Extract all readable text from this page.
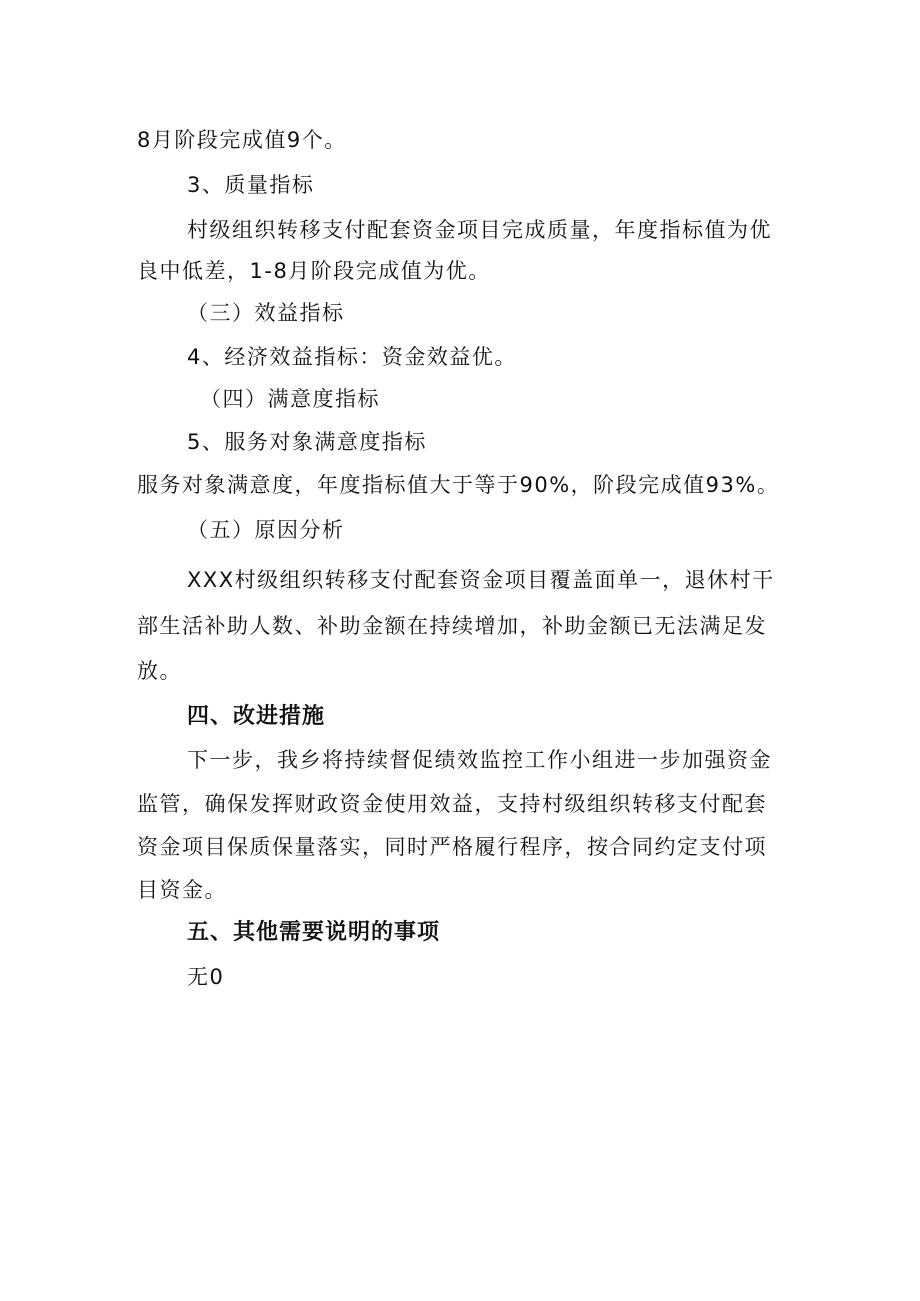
8月阶段完成值9个。
3、质量指标
村级组织转移支付配套资金项目完成质量，年度指标值为优
良中低差，1-8月阶段完成值为优。
（三）效益指标
4、经济效益指标：资金效益优。
（四）满意度指标
5、服务对象满意度指标
服务对象满意度，年度指标值大于等于90%，阶段完成值93%。
（五）原因分析
XXX村级组织转移支付配套资金项目覆盖面单一，退休村干
部生活补助人数、补助金额在持续增加，补助金额已无法满足发
放。
四、改进措施
下一步，我乡将持续督促绩效监控工作小组进一步加强资金
监管，确保发挥财政资金使用效益，支持村级组织转移支付配套
资金项目保质保量落实，同时严格履行程序，按合同约定支付项
目资金。
五、其他需要说明的事项
无0
